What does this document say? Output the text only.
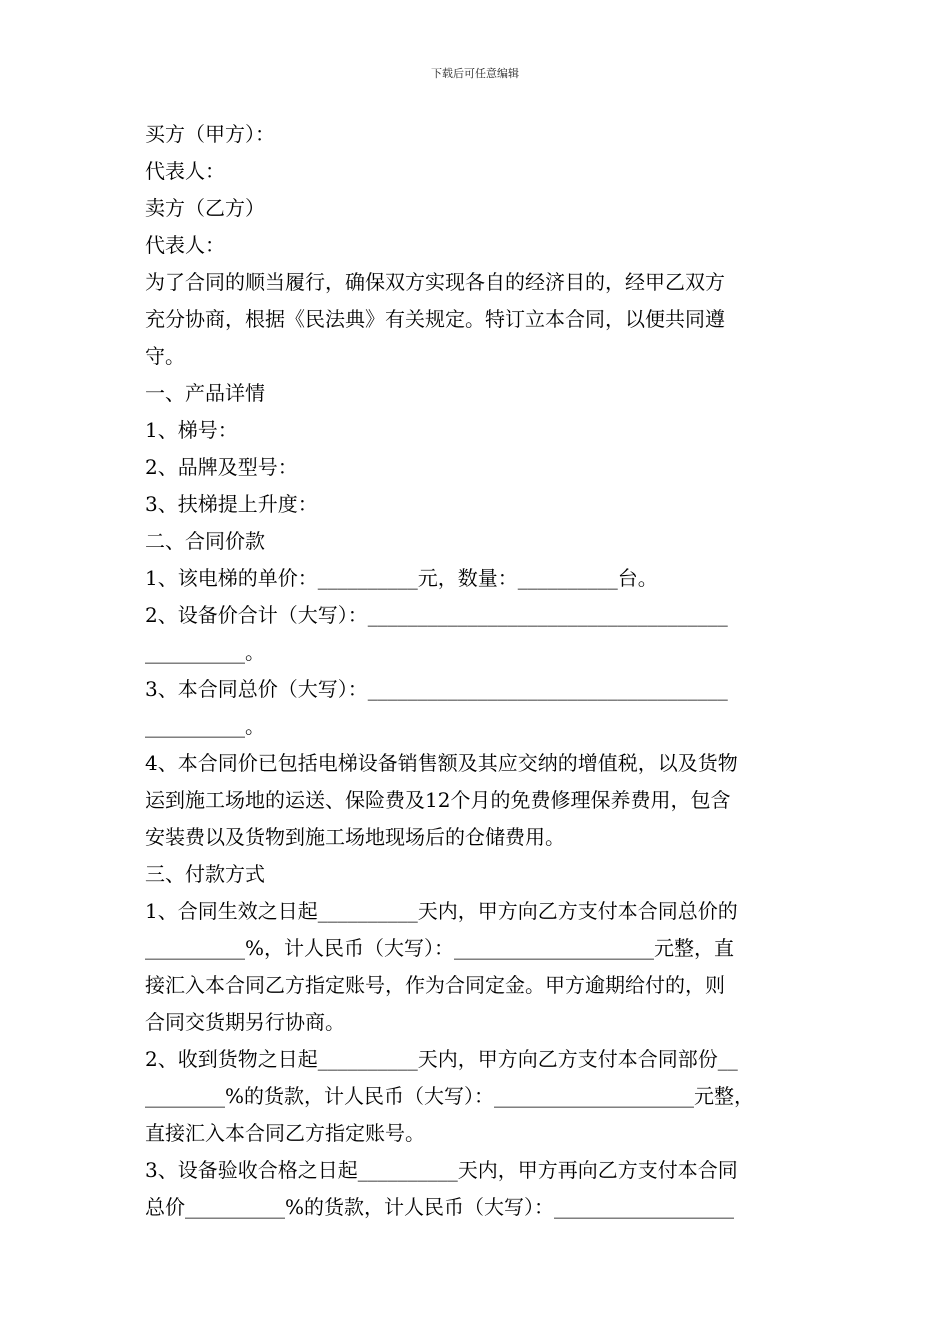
下载后可任意编辑
买方（甲方）：
代表人：
卖方（乙方）
代表人：
为了合同的顺当履行，确保双方实现各自的经济目的，经甲乙双方
充分协商，根据《民法典》有关规定。特订立本合同，以便共同遵
守。
一、产品详情
1、梯号：
2、品牌及型号：
3、扶梯提上升度：
二、合同价款
1、该电梯的单价：__________元，数量：__________台。
2、设备价合计（大写）：____________________________________
__________。
3、本合同总价（大写）：____________________________________
__________。
4、本合同价已包括电梯设备销售额及其应交纳的增值税，以及货物
运到施工场地的运送、保险费及12个月的免费修理保养费用，包含
安装费以及货物到施工场地现场后的仓储费用。
三、付款方式
1、合同生效之日起__________天内，甲方向乙方支付本合同总价的
__________%，计人民币（大写）：____________________元整，直
接汇入本合同乙方指定账号，作为合同定金。甲方逾期给付的，则
合同交货期另行协商。
2、收到货物之日起__________天内，甲方向乙方支付本合同部份__
________%的货款，计人民币（大写）：____________________元整，
直接汇入本合同乙方指定账号。
3、设备验收合格之日起__________天内，甲方再向乙方支付本合同
总价__________%的货款，计人民币（大写）：__________________
